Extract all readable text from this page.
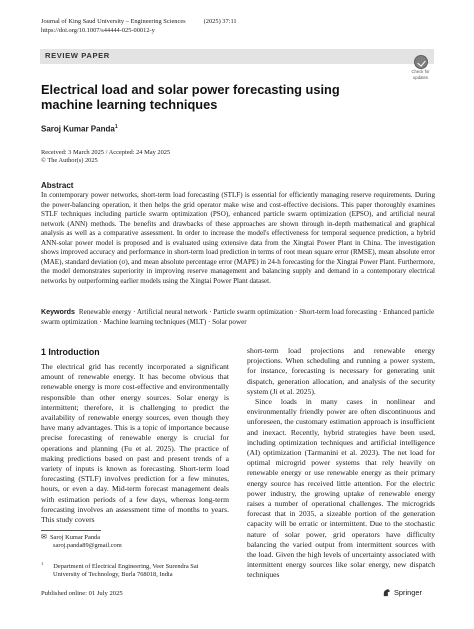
Journal of King Saud University – Engineering Sciences	(2025) 37:11
https://doi.org/10.1007/s44444-025-00012-y
REVIEW PAPER
Check for
updates
Electrical load and solar power forecasting using machine learning techniques
Saroj Kumar Panda$^1$
Received: 3 March 2025 / Accepted: 24 May 2025
© The Author(s) 2025
Abstract

In contemporary power networks, short-term load forecasting (STLF) is essential for efficiently managing reserve requirements. During the power-balancing operation, it then helps the grid operator make wise and cost-effective decisions. This paper thoroughly examines STLF techniques including particle swarm optimization (PSO), enhanced particle swarm optimization (EPSO), and artificial neural network (ANN) methods. The benefits and drawbacks of these approaches are shown through in-depth mathematical and graphical analysis as well as a comparative assessment. In order to increase the model's effectiveness for temporal sequence prediction, a hybrid ANN-solar power model is proposed and is evaluated using extensive data from the Xingtai Power Plant in China. The investigation shows improved accuracy and performance in short-term load prediction in terms of root mean square error (RMSE), mean absolute error (MAE), standard deviation (σ), and mean absolute percentage error (MAPE) in 24-h forecasting for the Xingtai Power Plant. Furthermore, the model demonstrates superiority in improving reserve management and balancing supply and demand in a contemporary electrical networks by outperforming earlier models using the Xingtai Power Plant dataset.

Keywords Renewable energy · Artificial neural network · Particle swarm optimization · Short-term load forecasting · Enhanced particle swarm optimization · Machine learning techniques (MLT) · Solar power

1 Introduction

The electrical grid has recently incorporated a significant amount of renewable energy. It has become obvious that renewable energy is more cost-effective and environmentally responsible than other energy sources. Solar energy is intermittent; therefore, it is challenging to predict the availability of renewable energy sources, even though they have many advantages. This is a topic of importance because precise forecasting of renewable energy is crucial for operations and planning (Fu et al. 2025). The practice of making predictions based on past and present trends of a variety of inputs is known as forecasting. Short-term load forecasting (STLF) involves prediction for a few minutes, hours, or even a day. Mid-term forecast management deals with estimation periods of a few days, whereas long-term forecasting involves an assessment time of months to years. This study covers

short-term load projections and renewable energy projections. When scheduling and running a power system, for instance, forecasting is necessary for generating unit dispatch, generation allocation, and analysis of the security system (Ji et al. 2025).

Since loads in many cases in nonlinear and environmentally friendly power are often discontinuous and unforeseen, the customary estimation approach is insufficient and inexact. Recently, hybrid strategies have been used, including optimization techniques and artificial intelligence (AI) optimization (Tarmanini et al. 2023). The net load for optimal microgrid power systems that rely heavily on renewable energy or use renewable energy as their primary energy source has received little attention. For the electric power industry, the growing uptake of renewable energy raises a number of operational challenges. The microgrids forecast that in 2035, a sizeable portion of the generation capacity will be erratic or intermittent. Due to the stochastic nature of solar power, grid operators have difficulty balancing the varied output from intermittent sources with the load. Given the high levels of uncertainty associated with intermittent energy sources like solar energy, new dispatch techniques

✉ Saroj Kumar Panda
saroj.panda89@gmail.com
$^1$ Department of Electrical Engineering, Veer Surendra Sai
University of Technology, Burla 768018, India
Published online: 01 July 2025	Springer
